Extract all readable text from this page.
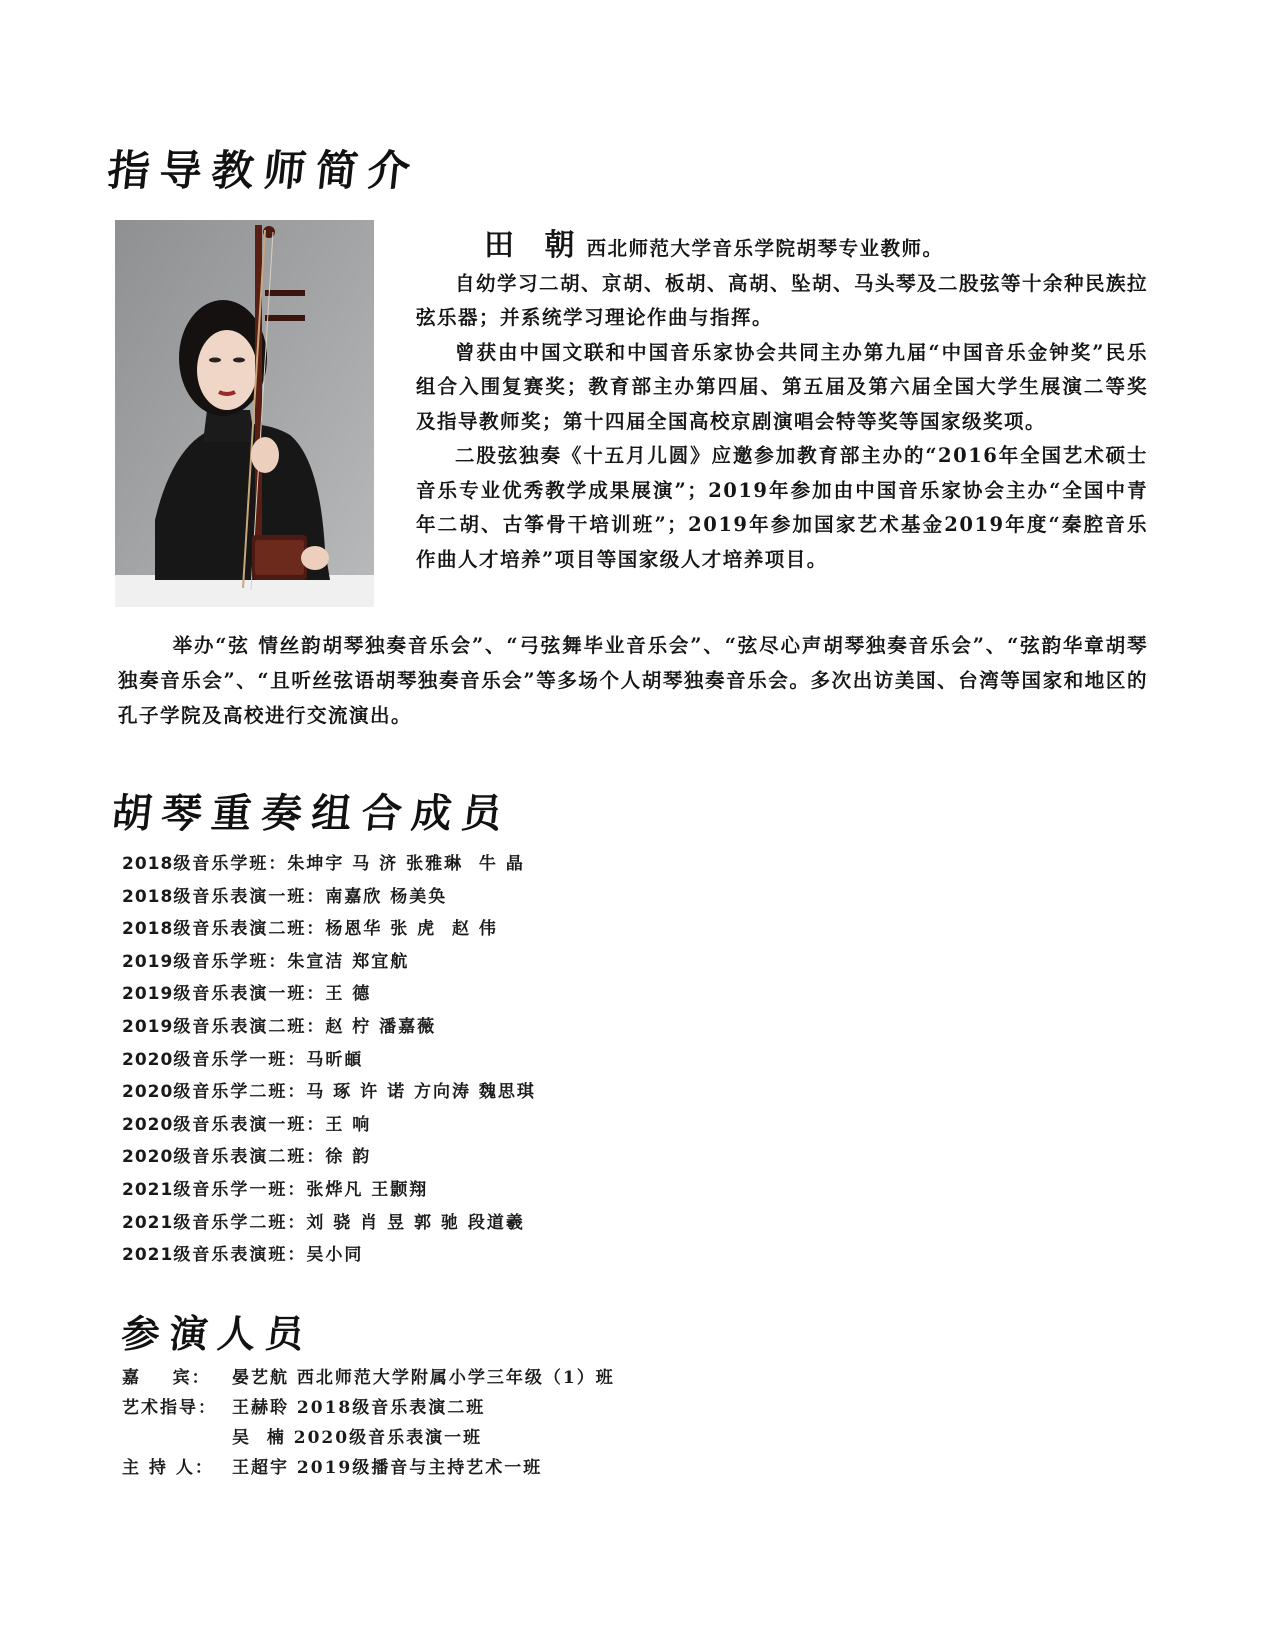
指导教师简介

田 朝 西北师范大学音乐学院胡琴专业教师。

自幼学习二胡、京胡、板胡、高胡、坠胡、马头琴及二股弦等十余种民族拉弦乐器；并系统学习理论作曲与指挥。

曾获由中国文联和中国音乐家协会共同主办第九届“中国音乐金钟奖”民乐组合入围复赛奖；教育部主办第四届、第五届及第六届全国大学生展演二等奖及指导教师奖；第十四届全国高校京剧演唱会特等奖等国家级奖项。

二股弦独奏《十五月儿圆》应邀参加教育部主办的“2016年全国艺术硕士音乐专业优秀教学成果展演”；2019年参加由中国音乐家协会主办“全国中青年二胡、古筝骨干培训班”；2019年参加国家艺术基金2019年度“秦腔音乐作曲人才培养”项目等国家级人才培养项目。

举办“弦 情丝韵胡琴独奏音乐会”、“弓弦舞毕业音乐会”、“弦尽心声胡琴独奏音乐会”、“弦韵华章胡琴独奏音乐会”、“且听丝弦语胡琴独奏音乐会”等多场个人胡琴独奏音乐会。多次出访美国、台湾等国家和地区的孔子学院及高校进行交流演出。

胡琴重奏组合成员
2018级音乐学班：朱坤宇 马 济 张雅琳  牛 晶
2018级音乐表演一班：南嘉欣 杨美奂
2018级音乐表演二班：杨恩华 张 虎  赵 伟
2019级音乐学班：朱宣洁 郑宜航
2019级音乐表演一班：王 德
2019级音乐表演二班：赵 柠 潘嘉薇
2020级音乐学一班：马昕頔
2020级音乐学二班：马 琢 许 诺 方向涛 魏思琪
2020级音乐表演一班：王 响
2020级音乐表演二班：徐 韵
2021级音乐学一班：张烨凡 王颢翔
2021级音乐学二班：刘 骁 肖 昱 郭 驰 段道羲
2021级音乐表演班：吴小同
参演人员
嘉    宾： 晏艺航 西北师范大学附属小学三年级（1）班
艺术指导： 王赫聆 2018级音乐表演二班
吴  楠 2020级音乐表演一班
主 持 人： 王超宇 2019级播音与主持艺术一班
